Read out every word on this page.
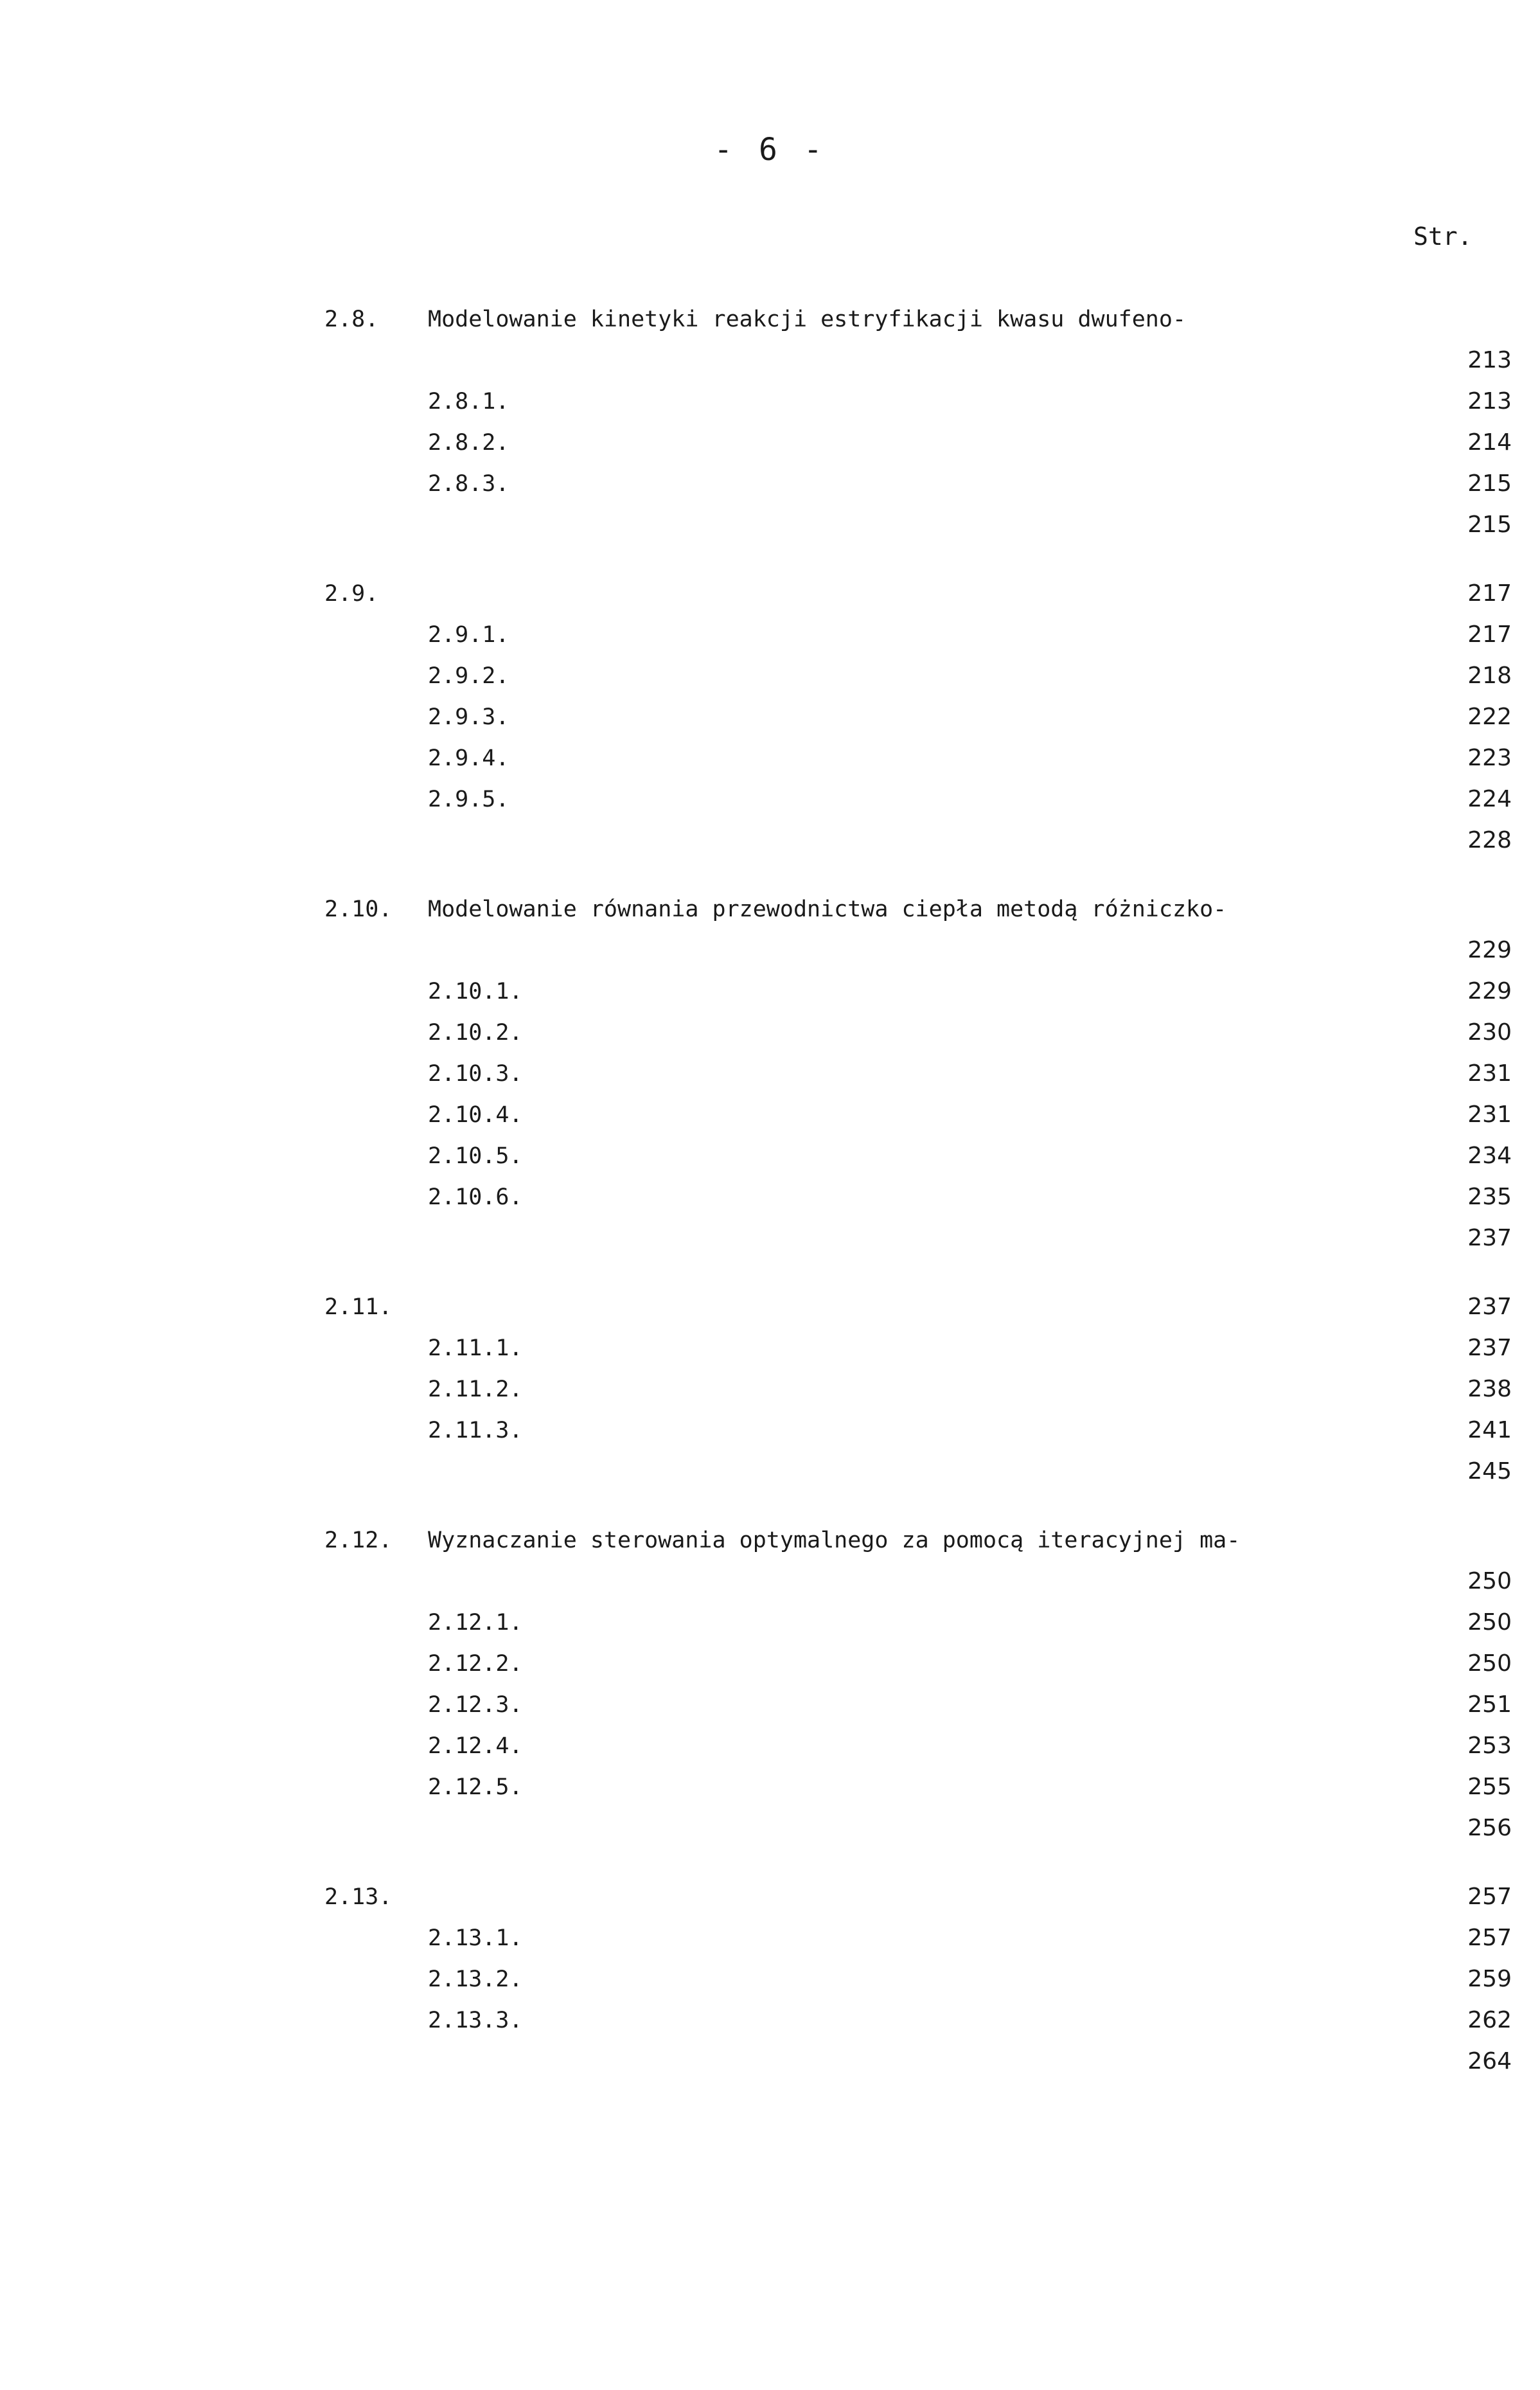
- 6 -
Str.
2.8. Modelowanie kinetyki reakcji estryfikacji kwasu dwufeno-
213
2.8.1.	213
2.8.2.	214
2.8.3.	215
215
2.9.	217
2.9.1.	217
2.9.2.	218
2.9.3.	222
2.9.4.	223
2.9.5.	224
228
2.10. Modelowanie równania przewodnictwa ciepła metodą różniczko-
229
2.10.1.	229
2.10.2.	230
2.10.3.	231
2.10.4.	231
2.10.5.	234
2.10.6.	235
237
2.11.	237
2.11.1.	237
2.11.2.	238
2.11.3.	241
245
2.12. Wyznaczanie sterowania optymalnego za pomocą iteracyjnej ma-
250
2.12.1.	250
2.12.2.	250
2.12.3.	251
2.12.4.	253
2.12.5.	255
256
2.13.	257
2.13.1.	257
2.13.2.	259
2.13.3.	262
264
